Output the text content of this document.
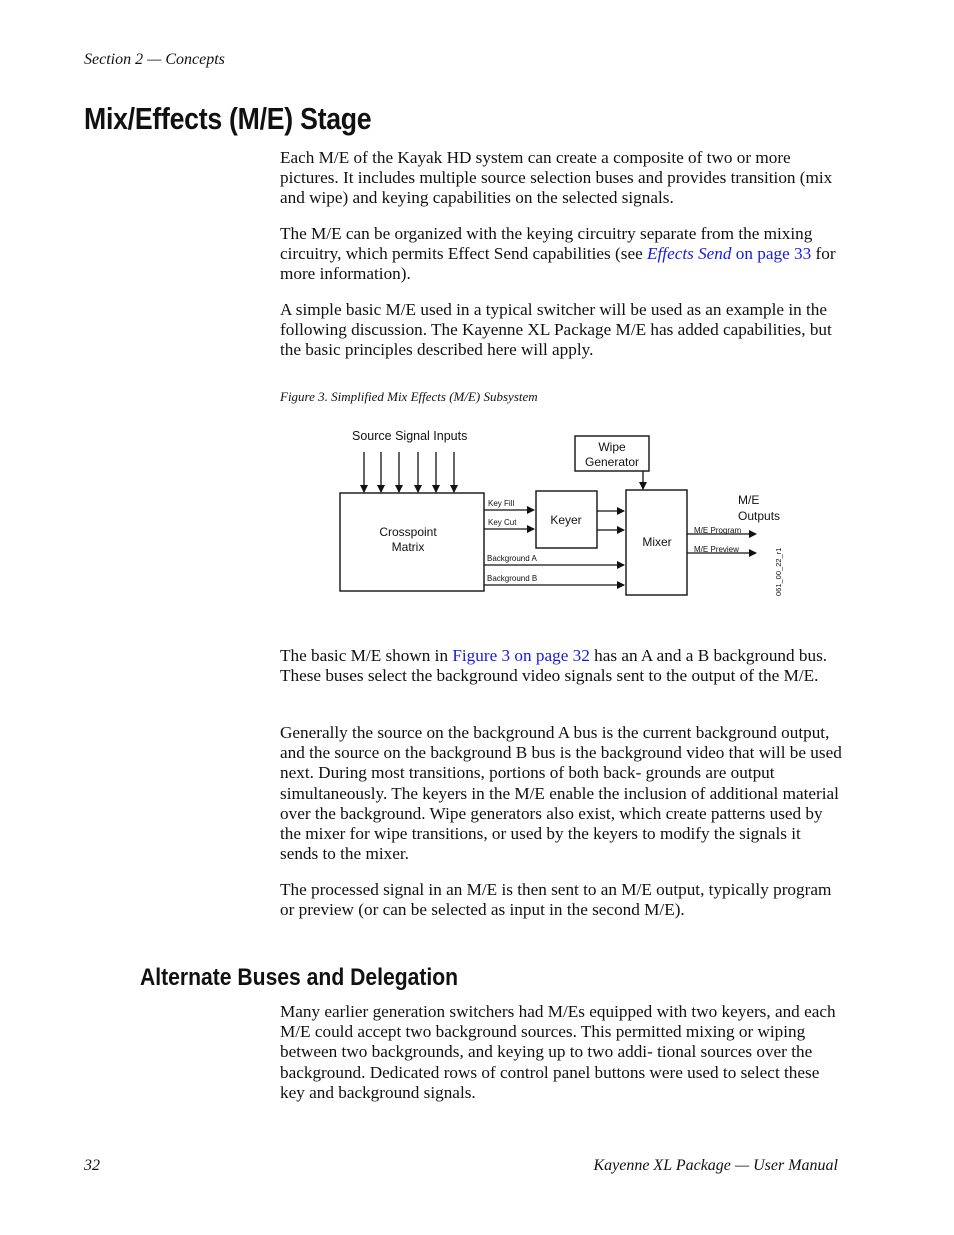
Section 2 — Concepts
Mix/Effects (M/E) Stage

Each M/E of the Kayak HD system can create a composite of two or more pictures. It includes multiple source selection buses and provides transition (mix and wipe) and keying capabilities on the selected signals.

The M/E can be organized with the keying circuitry separate from the mixing circuitry, which permits Effect Send capabilities (see Effects Send on page 33 for more information).

A simple basic M/E used in a typical switcher will be used as an example in the following discussion. The Kayenne XL Package M/E has added capabilities, but the basic principles described here will apply.

Figure 3. Simplified Mix Effects (M/E) Subsystem
Source Signal Inputs
Crosspoint
Matrix
Wipe
Generator
Keyer
Mixer
Key Fill
Key Cut
Background A
Background B
M/E Program
M/E Preview
M/E
Outputs
061_00_22_r1

The basic M/E shown in Figure 3 on page 32 has an A and a B background bus. These buses select the background video signals sent to the output of the M/E.

Generally the source on the background A bus is the current background output, and the source on the background B bus is the background video that will be used next. During most transitions, portions of both back- grounds are output simultaneously. The keyers in the M/E enable the inclusion of additional material over the background. Wipe generators also exist, which create patterns used by the mixer for wipe transitions, or used by the keyers to modify the signals it sends to the mixer.

The processed signal in an M/E is then sent to an M/E output, typically program or preview (or can be selected as input in the second M/E).

Alternate Buses and Delegation

Many earlier generation switchers had M/Es equipped with two keyers, and each M/E could accept two background sources. This permitted mixing or wiping between two backgrounds, and keying up to two addi- tional sources over the background. Dedicated rows of control panel buttons were used to select these key and background signals.

32	Kayenne XL Package — User Manual
